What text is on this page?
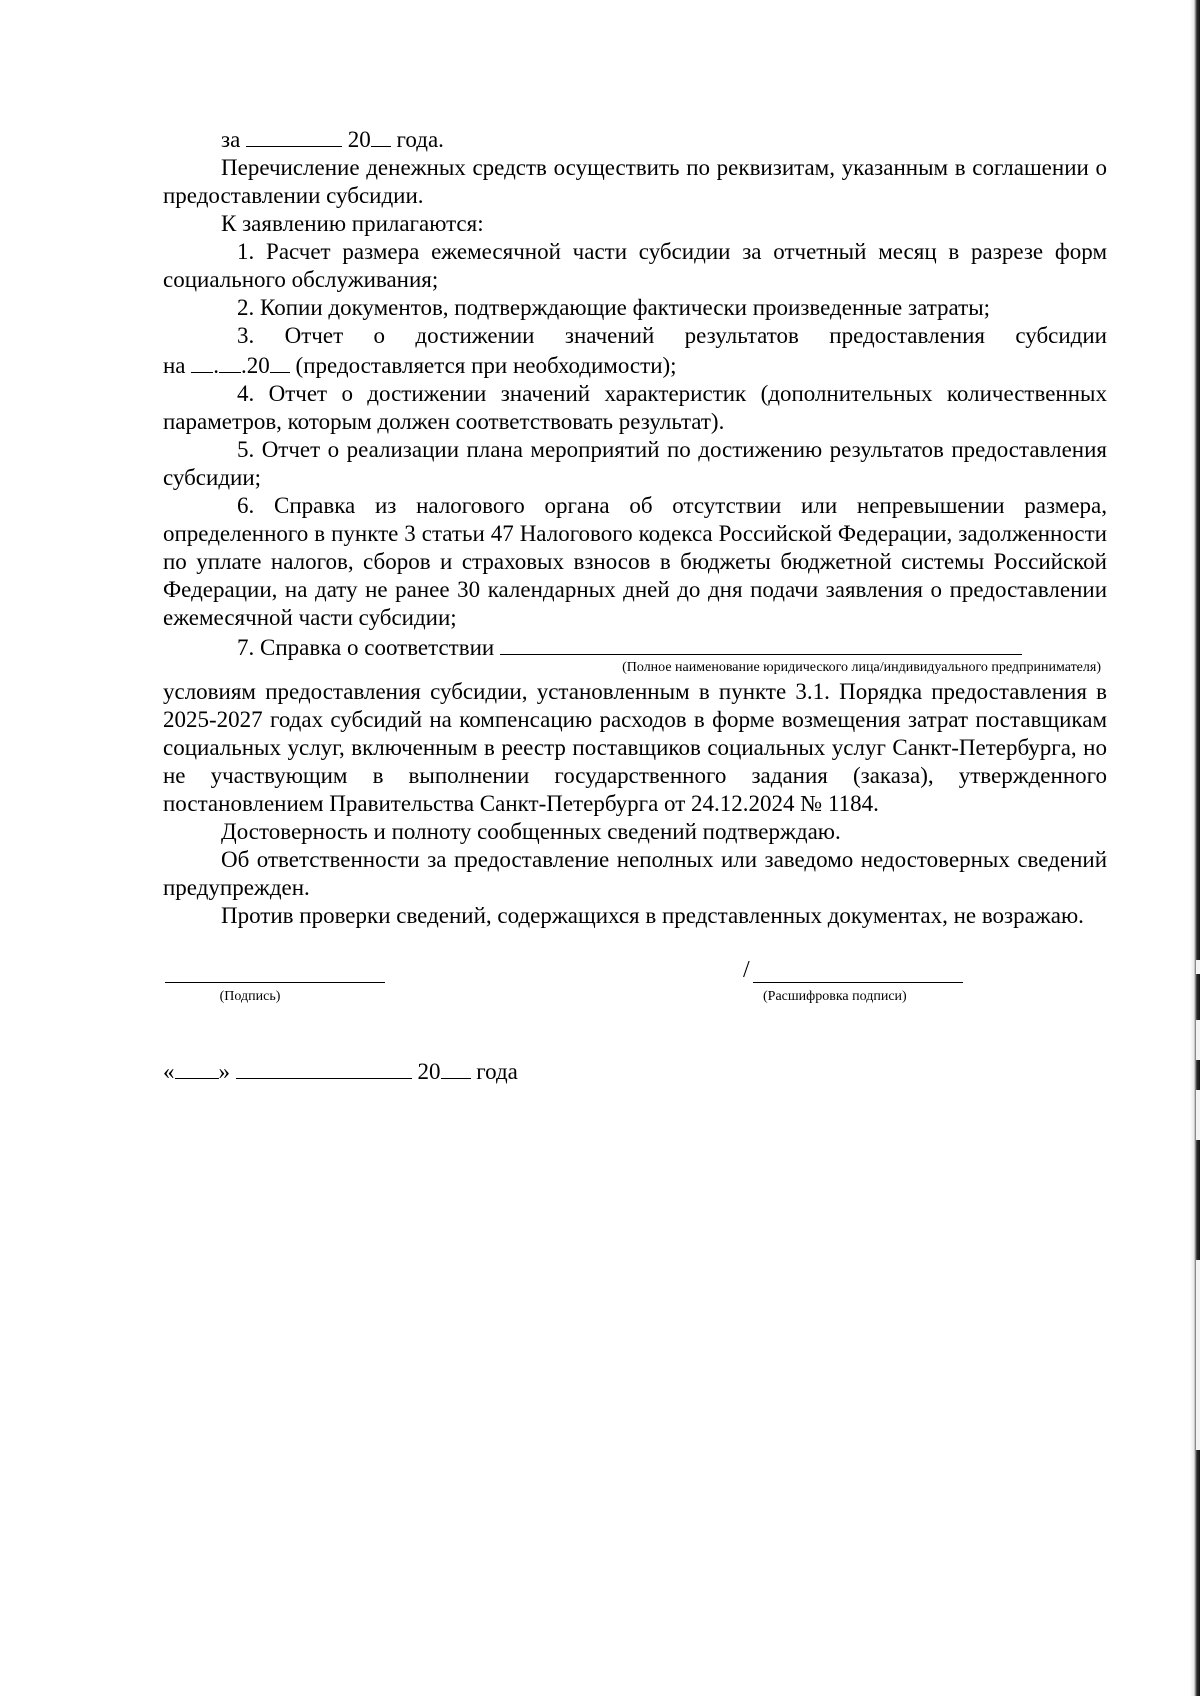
за	20 года.

Перечисление денежных средств осуществить по реквизитам, указанным в соглашении о предоставлении субсидии.

К заявлению прилагаются:

1. Расчет размера ежемесячной части субсидии за отчетный месяц в разрезе форм социального обслуживания;

2. Копии документов, подтверждающие фактически произведенные затраты;

3. Отчет о достижении значений результатов предоставления субсидии

на . .20 (предоставляется при необходимости);

4. Отчет о достижении значений характеристик (дополнительных количественных параметров, которым должен соответствовать результат).

5. Отчет о реализации плана мероприятий по достижению результатов предоставления субсидии;

6. Справка из налогового органа об отсутствии или непревышении размера, определенного в пункте 3 статьи 47 Налогового кодекса Российской Федерации, задолженности по уплате налогов, сборов и страховых взносов в бюджеты бюджетной системы Российской Федерации, на дату не ранее 30 календарных дней до дня подачи заявления о предоставлении ежемесячной части субсидии;

7. Справка о соответствии

(Полное наименование юридического лица/индивидуального предпринимателя)

условиям предоставления субсидии, установленным в пункте 3.1. Порядка предоставления в 2025-2027 годах субсидий на компенсацию расходов в форме возмещения затрат поставщикам социальных услуг, включенным в реестр поставщиков социальных услуг Санкт-Петербурга, но не участвующим в выполнении государственного задания (заказа), утвержденного постановлением Правительства Санкт-Петербурга от 24.12.2024 № 1184.

Достоверность и полноту сообщенных сведений подтверждаю.

Об ответственности за предоставление неполных или заведомо недостоверных сведений предупрежден.

Против проверки сведений, содержащихся в представленных документах, не возражаю.

(Подпись)
/
(Расшифровка подписи)
« »	20 года
